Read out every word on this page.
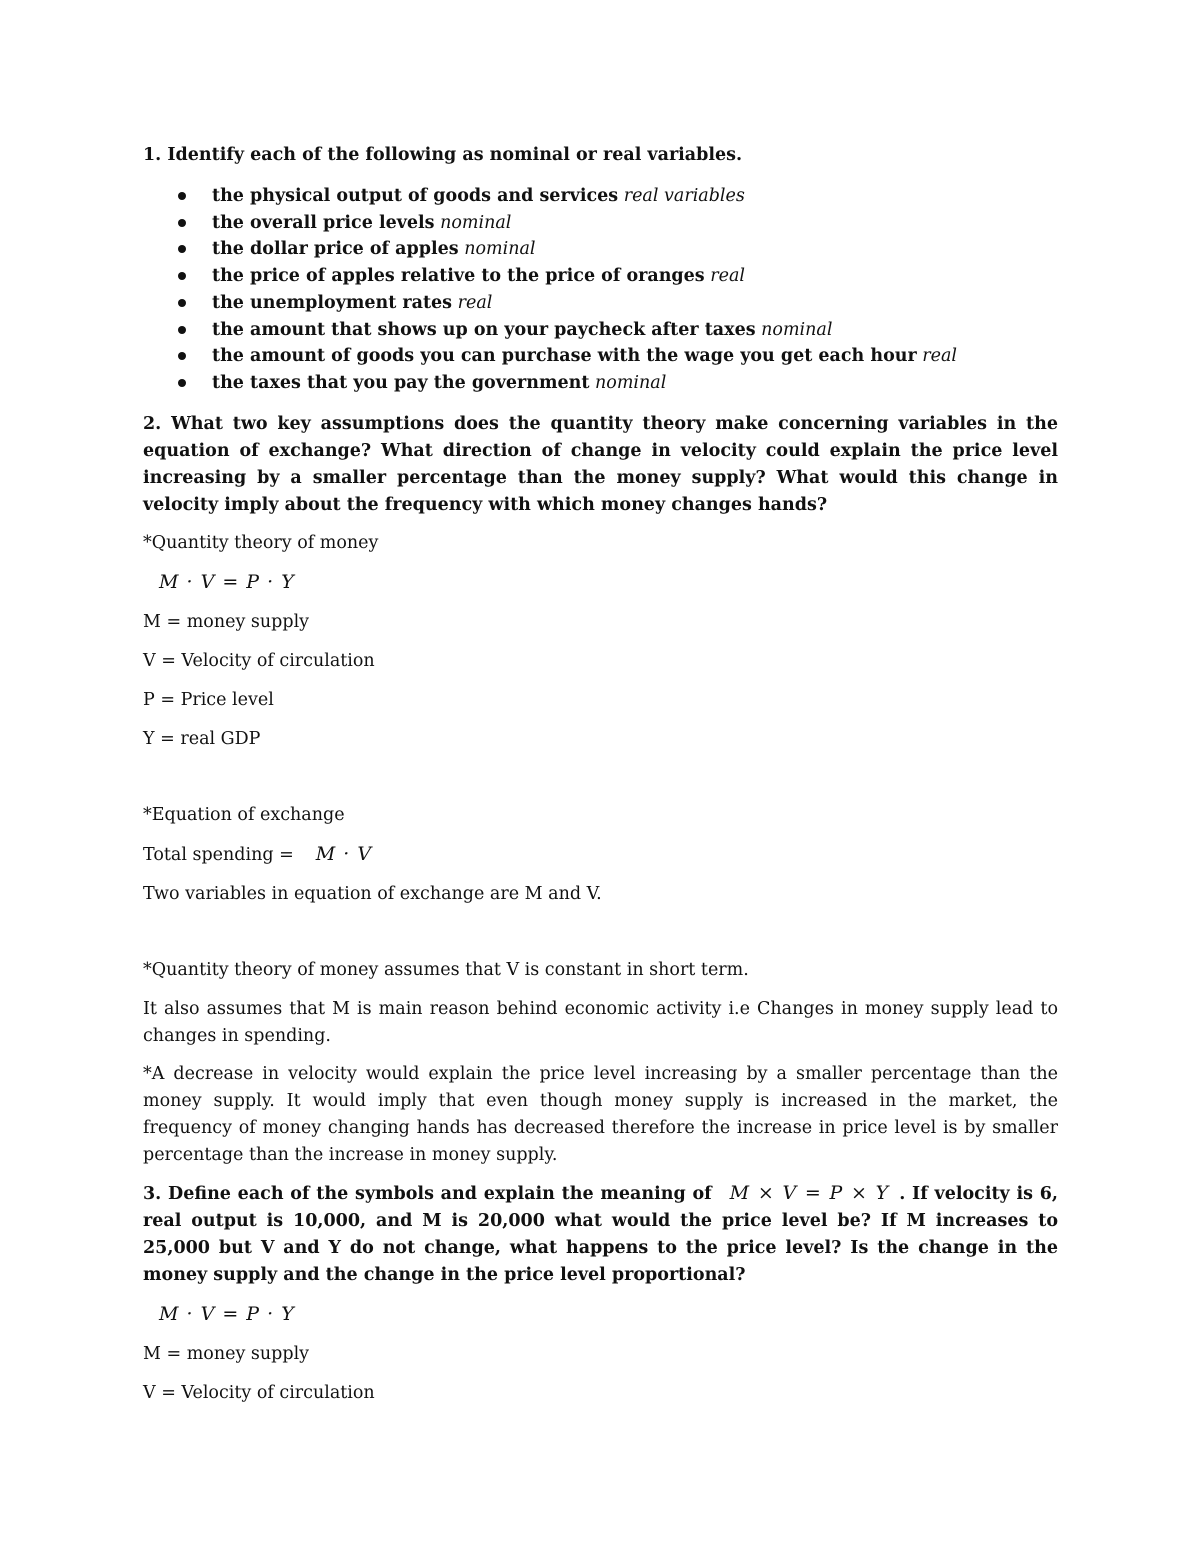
1. Identify each of the following as nominal or real variables.

the physical output of goods and services real variables
the overall price levels nominal
the dollar price of apples nominal
the price of apples relative to the price of oranges real
the unemployment rates real
the amount that shows up on your paycheck after taxes nominal
the amount of goods you can purchase with the wage you get each hour real
the taxes that you pay the government nominal

2. What two key assumptions does the quantity theory make concerning variables in the equation of exchange? What direction of change in velocity could explain the price level increasing by a smaller percentage than the money supply? What would this change in velocity imply about the frequency with which money changes hands?

*Quantity theory of money

M · V = P · Y

M = money supply

V = Velocity of circulation

P = Price level

Y = real GDP

*Equation of exchange

Total spending = M · V

Two variables in equation of exchange are M and V.

*Quantity theory of money assumes that V is constant in short term.

It also assumes that M is main reason behind economic activity i.e Changes in money supply lead to changes in spending.

*A decrease in velocity would explain the price level increasing by a smaller percentage than the money supply. It would imply that even though money supply is increased in the market, the frequency of money changing hands has decreased therefore the increase in price level is by smaller percentage than the increase in money supply.

3. Define each of the symbols and explain the meaning of M × V = P × Y . If velocity is 6, real output is 10,000, and M is 20,000 what would the price level be? If M increases to 25,000 but V and Y do not change, what happens to the price level? Is the change in the money supply and the change in the price level proportional?

M · V = P · Y

M = money supply

V = Velocity of circulation
